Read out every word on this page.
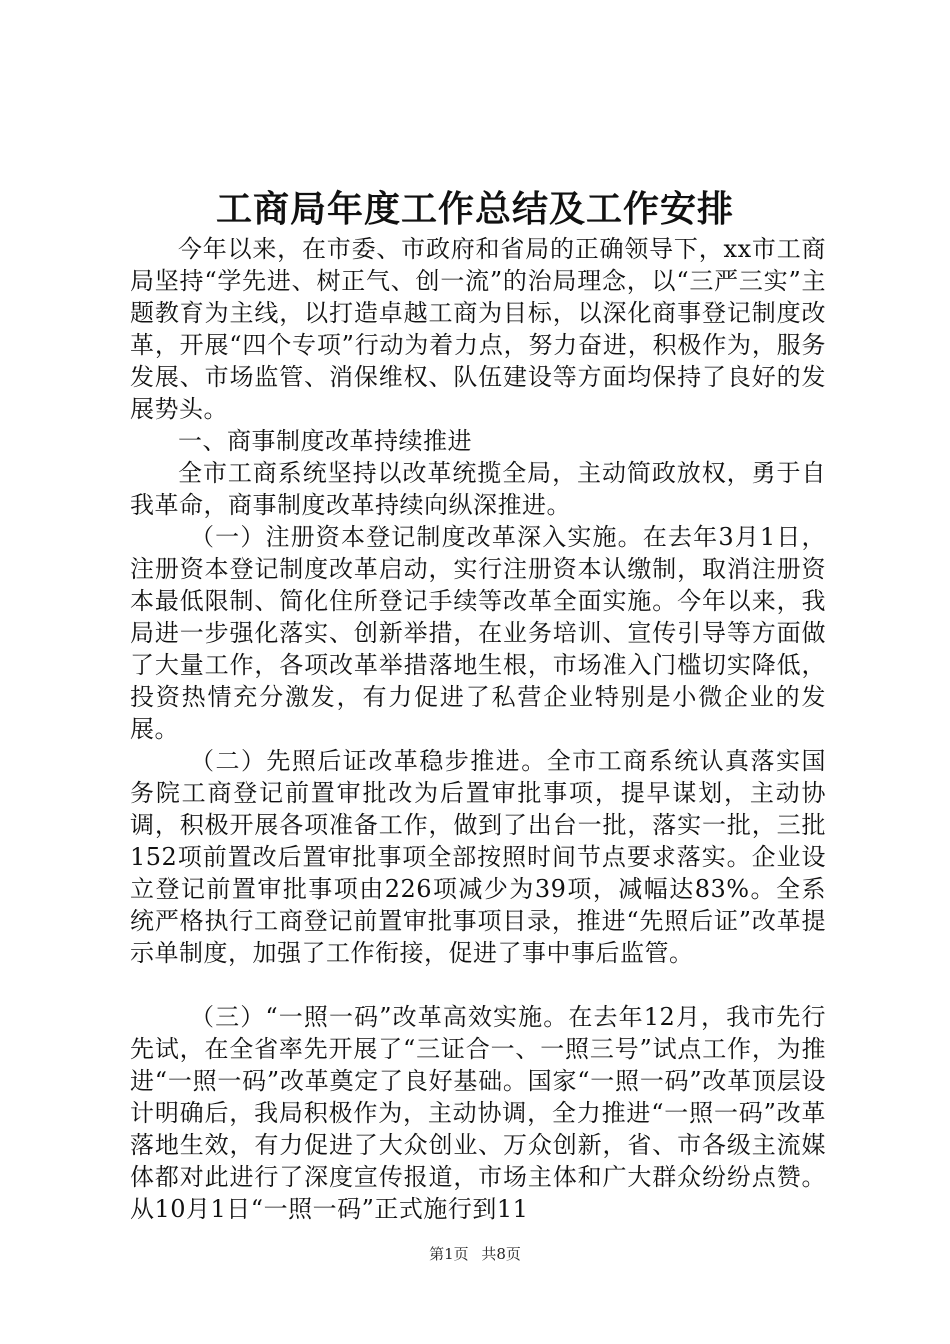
工商局年度工作总结及工作安排

今年以来，在市委、市政府和省局的正确领导下，xx市工商局坚持“学先进、树正气、创一流”的治局理念，以“三严三实”主题教育为主线，以打造卓越工商为目标，以深化商事登记制度改革，开展“四个专项”行动为着力点，努力奋进，积极作为，服务发展、市场监管、消保维权、队伍建设等方面均保持了良好的发展势头。

一、商事制度改革持续推进

全市工商系统坚持以改革统揽全局，主动简政放权，勇于自我革命，商事制度改革持续向纵深推进。

（一）注册资本登记制度改革深入实施。在去年3月1日，注册资本登记制度改革启动，实行注册资本认缴制，取消注册资本最低限制、简化住所登记手续等改革全面实施。今年以来，我局进一步强化落实、创新举措，在业务培训、宣传引导等方面做了大量工作，各项改革举措落地生根，市场准入门槛切实降低，投资热情充分激发，有力促进了私营企业特别是小微企业的发展。

（二）先照后证改革稳步推进。全市工商系统认真落实国务院工商登记前置审批改为后置审批事项，提早谋划，主动协调，积极开展各项准备工作，做到了出台一批，落实一批，三批152项前置改后置审批事项全部按照时间节点要求落实。企业设立登记前置审批事项由226项减少为39项，减幅达83%。全系统严格执行工商登记前置审批事项目录，推进“先照后证”改革提示单制度，加强了工作衔接，促进了事中事后监管。

（三）“一照一码”改革高效实施。在去年12月，我市先行先试，在全省率先开展了“三证合一、一照三号”试点工作，为推进“一照一码”改革奠定了良好基础。国家“一照一码”改革顶层设计明确后，我局积极作为，主动协调，全力推进“一照一码”改革落地生效，有力促进了大众创业、万众创新，省、市各级主流媒体都对此进行了深度宣传报道，市场主体和广大群众纷纷点赞。从10月1日“一照一码”正式施行到11

第1页 共8页
